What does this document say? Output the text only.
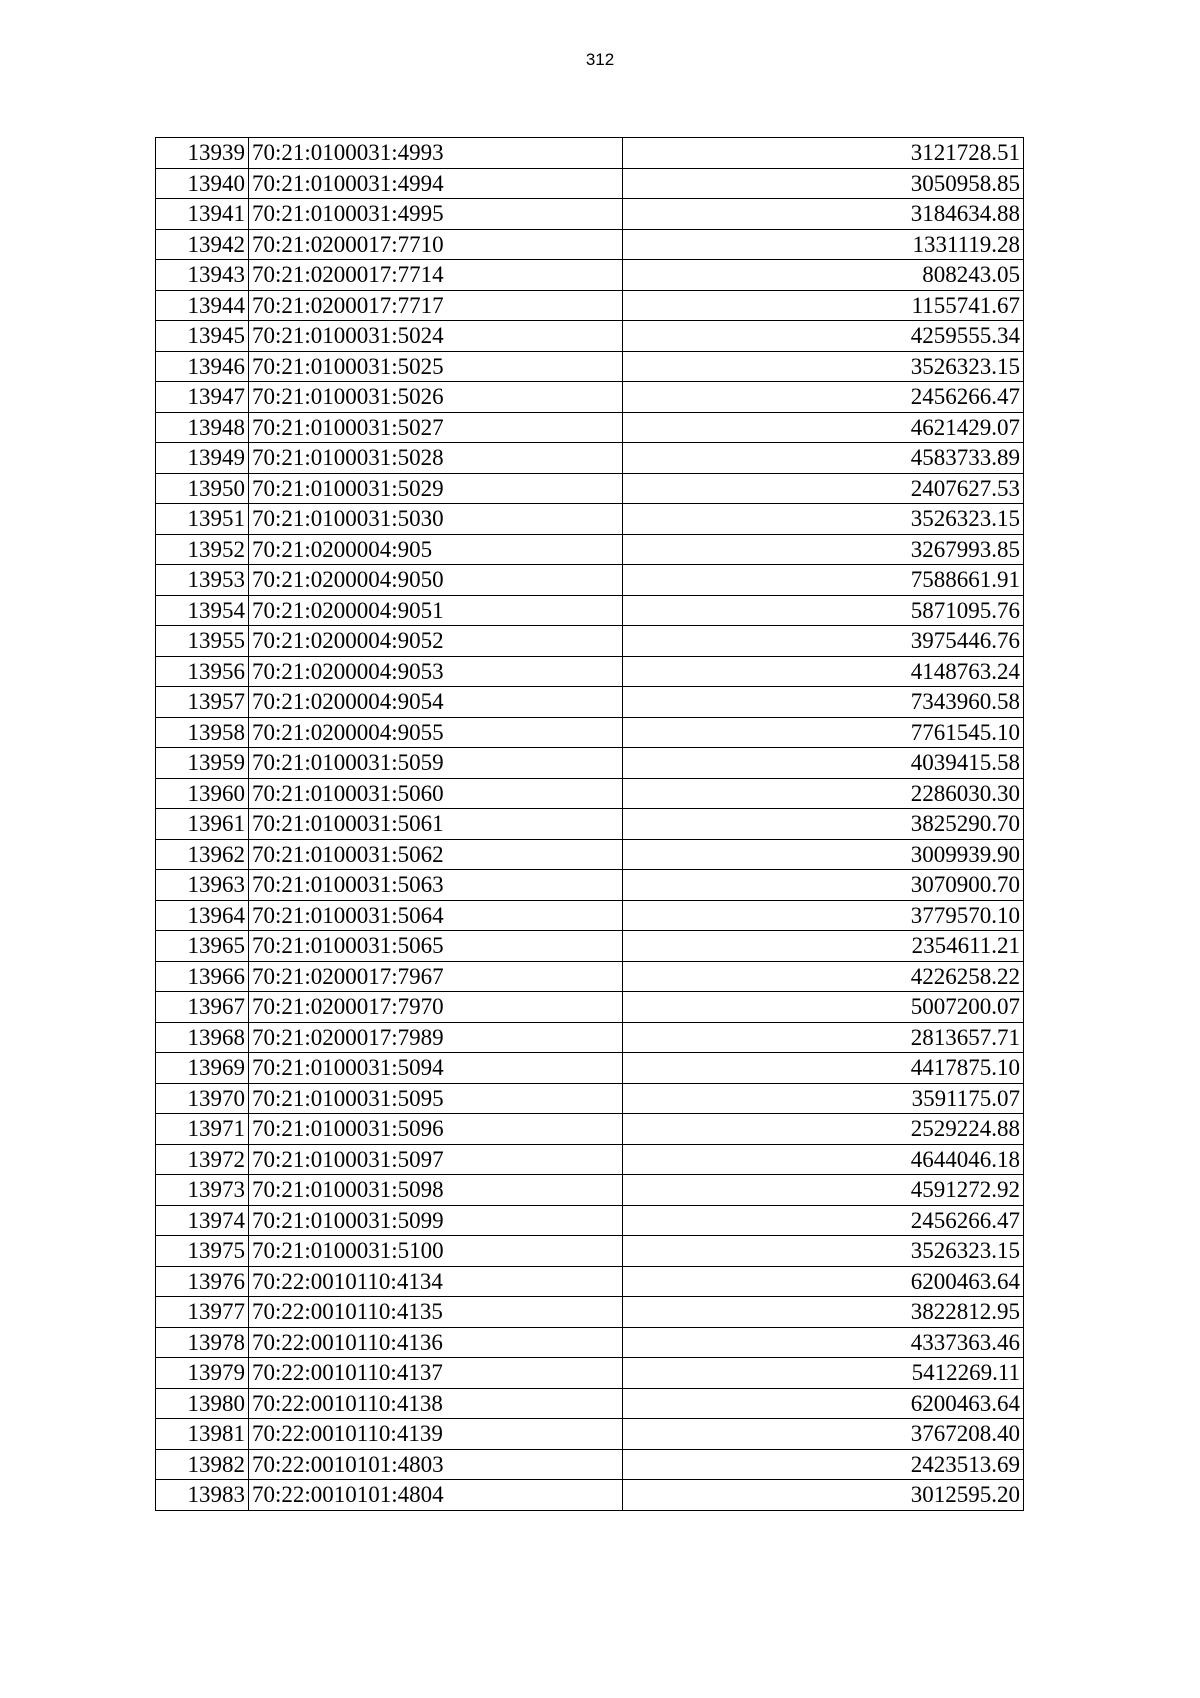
312
13939	70:21:0100031:4993	3121728.51
13940	70:21:0100031:4994	3050958.85
13941	70:21:0100031:4995	3184634.88
13942	70:21:0200017:7710	1331119.28
13943	70:21:0200017:7714	808243.05
13944	70:21:0200017:7717	1155741.67
13945	70:21:0100031:5024	4259555.34
13946	70:21:0100031:5025	3526323.15
13947	70:21:0100031:5026	2456266.47
13948	70:21:0100031:5027	4621429.07
13949	70:21:0100031:5028	4583733.89
13950	70:21:0100031:5029	2407627.53
13951	70:21:0100031:5030	3526323.15
13952	70:21:0200004:905	3267993.85
13953	70:21:0200004:9050	7588661.91
13954	70:21:0200004:9051	5871095.76
13955	70:21:0200004:9052	3975446.76
13956	70:21:0200004:9053	4148763.24
13957	70:21:0200004:9054	7343960.58
13958	70:21:0200004:9055	7761545.10
13959	70:21:0100031:5059	4039415.58
13960	70:21:0100031:5060	2286030.30
13961	70:21:0100031:5061	3825290.70
13962	70:21:0100031:5062	3009939.90
13963	70:21:0100031:5063	3070900.70
13964	70:21:0100031:5064	3779570.10
13965	70:21:0100031:5065	2354611.21
13966	70:21:0200017:7967	4226258.22
13967	70:21:0200017:7970	5007200.07
13968	70:21:0200017:7989	2813657.71
13969	70:21:0100031:5094	4417875.10
13970	70:21:0100031:5095	3591175.07
13971	70:21:0100031:5096	2529224.88
13972	70:21:0100031:5097	4644046.18
13973	70:21:0100031:5098	4591272.92
13974	70:21:0100031:5099	2456266.47
13975	70:21:0100031:5100	3526323.15
13976	70:22:0010110:4134	6200463.64
13977	70:22:0010110:4135	3822812.95
13978	70:22:0010110:4136	4337363.46
13979	70:22:0010110:4137	5412269.11
13980	70:22:0010110:4138	6200463.64
13981	70:22:0010110:4139	3767208.40
13982	70:22:0010101:4803	2423513.69
13983	70:22:0010101:4804	3012595.20
